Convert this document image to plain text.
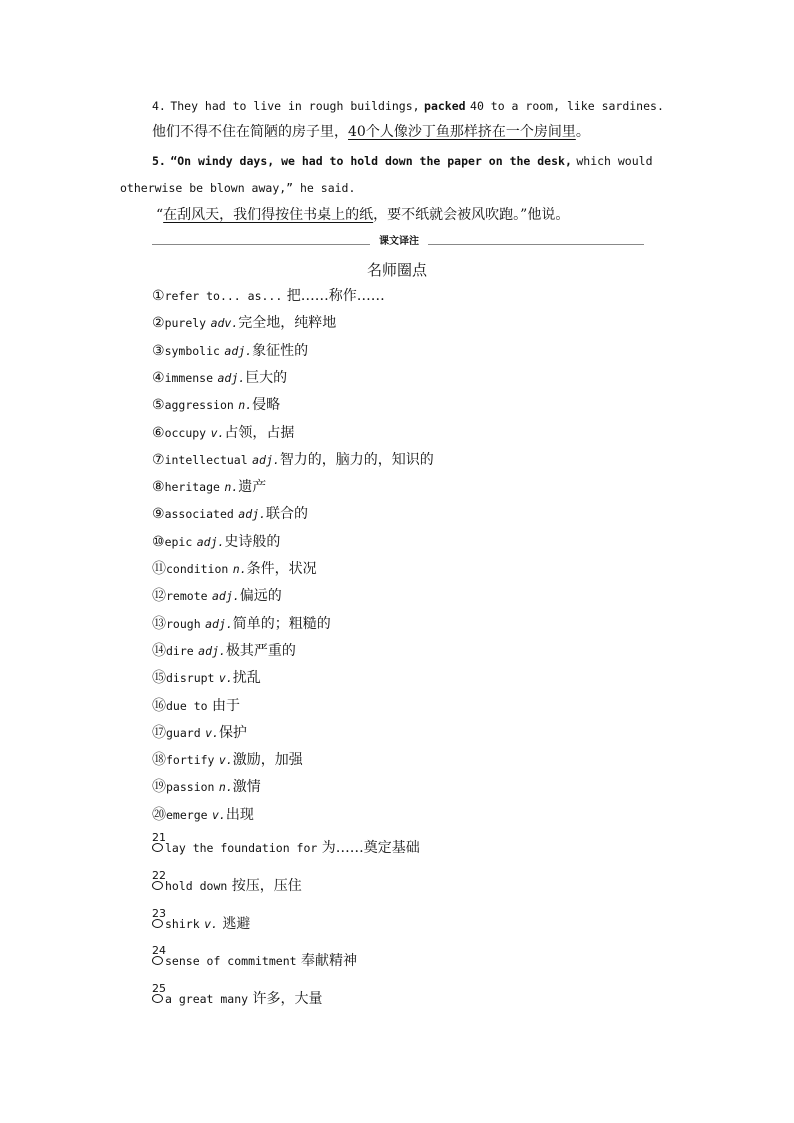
4. They had to live in rough buildings, packed 40 to a room, like sardines.
他们不得不住在简陋的房子里，40个人像沙丁鱼那样挤在一个房间里。
5. “On windy days, we had to hold down the paper on the desk, which would
otherwise be blown away,” he said.
“在刮风天，我们得按住书桌上的纸，要不纸就会被风吹跑。”他说。
课文译注
名师圈点
①refer to... as... 把……称作……
②purely adv.完全地，纯粹地
③symbolic adj.象征性的
④immense adj.巨大的
⑤aggression n.侵略
⑥occupy v.占领，占据
⑦intellectual adj.智力的，脑力的，知识的
⑧heritage n.遗产
⑨associated adj.联合的
⑩epic adj.史诗般的
⑪condition n.条件，状况
⑫remote adj.偏远的
⑬rough adj.简单的；粗糙的
⑭dire adj.极其严重的
⑮disrupt v.扰乱
⑯due to 由于
⑰guard v.保护
⑱fortify v.激励，加强
⑲passion n.激情
⑳emerge v.出现
21
lay the foundation for 为……奠定基础
22
hold down 按压，压住
23
shirk v. 逃避
24
sense of commitment 奉献精神
25
a great many 许多，大量
